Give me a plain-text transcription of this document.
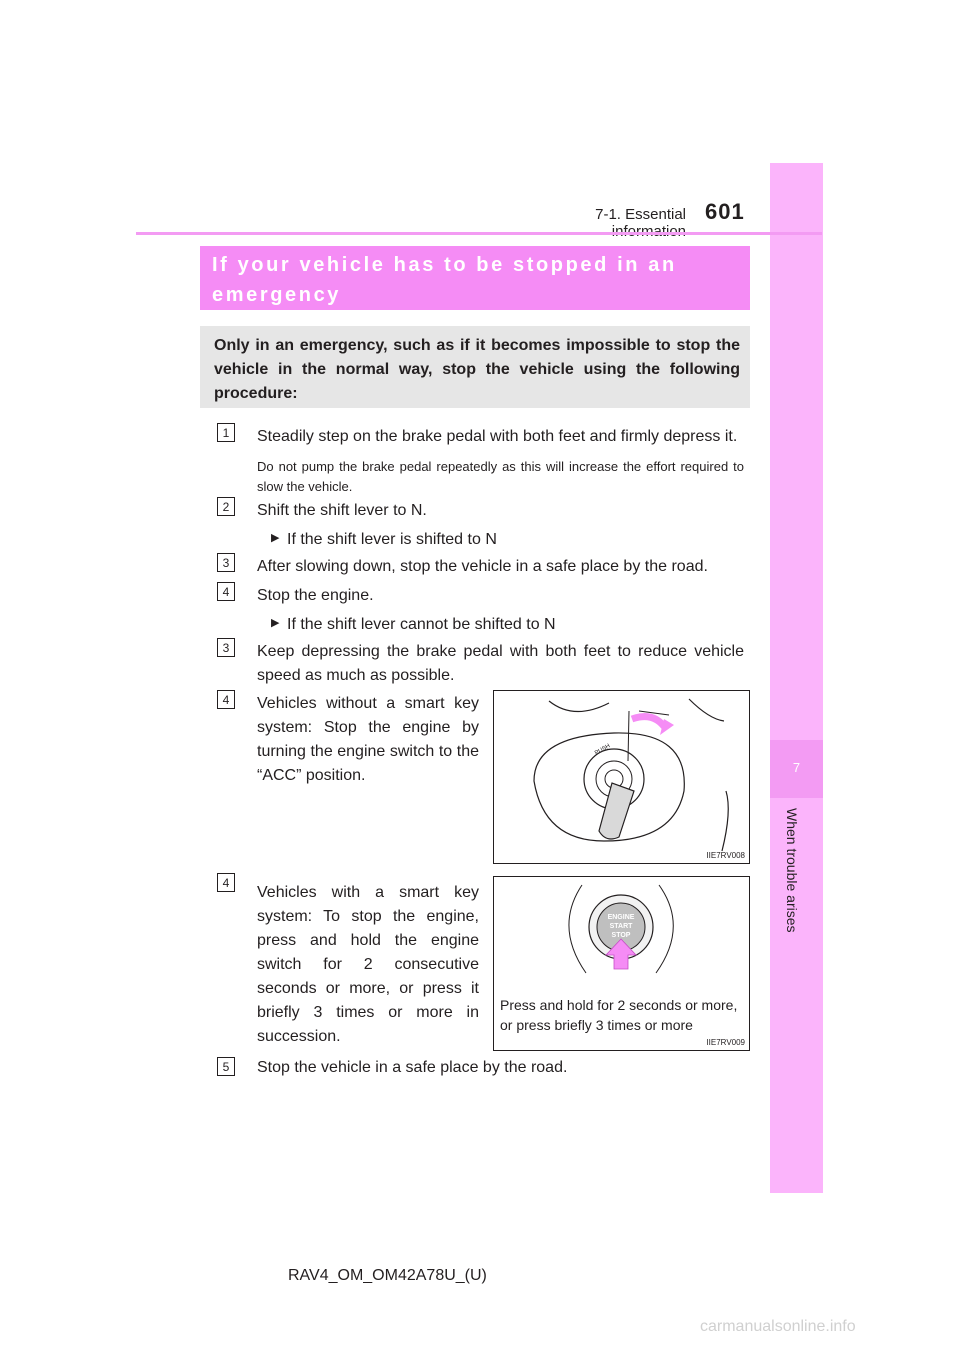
7
When trouble arises
7-1. Essential 601
If your vehicle has to be stopped in an
emergency
Only in an emergency, such as if it becomes impossible to stop the vehicle in the normal way, stop the vehicle using the following procedure:
1	Steadily step on the brake pedal with both feet and firmly depress it.
Do not pump the brake pedal repeatedly as this will increase the effort required to slow the vehicle.
2	Shift the shift lever to N.
▶ If the shift lever is shifted to N
3	After slowing down, stop the vehicle in a safe place by the road.
4	Stop the engine.
▶ If the shift lever cannot be shifted to N
3	Keep depressing the brake pedal with both feet to reduce vehicle speed as much as possible.
4	Vehicles without a smart key system: Stop the engine by turning the engine switch to the “ACC” position.
PUSH
IIE7RV008
4
Vehicles with a smart key system: To stop the engine, press and hold the engine switch for 2 consecutive seconds or more, or press it briefly 3 times or more in succession.
ENGINE
START
STOP
Press and hold for 2 seconds or more,
or press briefly 3 times or more
IIE7RV009
5	Stop the vehicle in a safe place by the road.
RAV4_OM_OM42A78U_(U)
carmanualsonline.info
